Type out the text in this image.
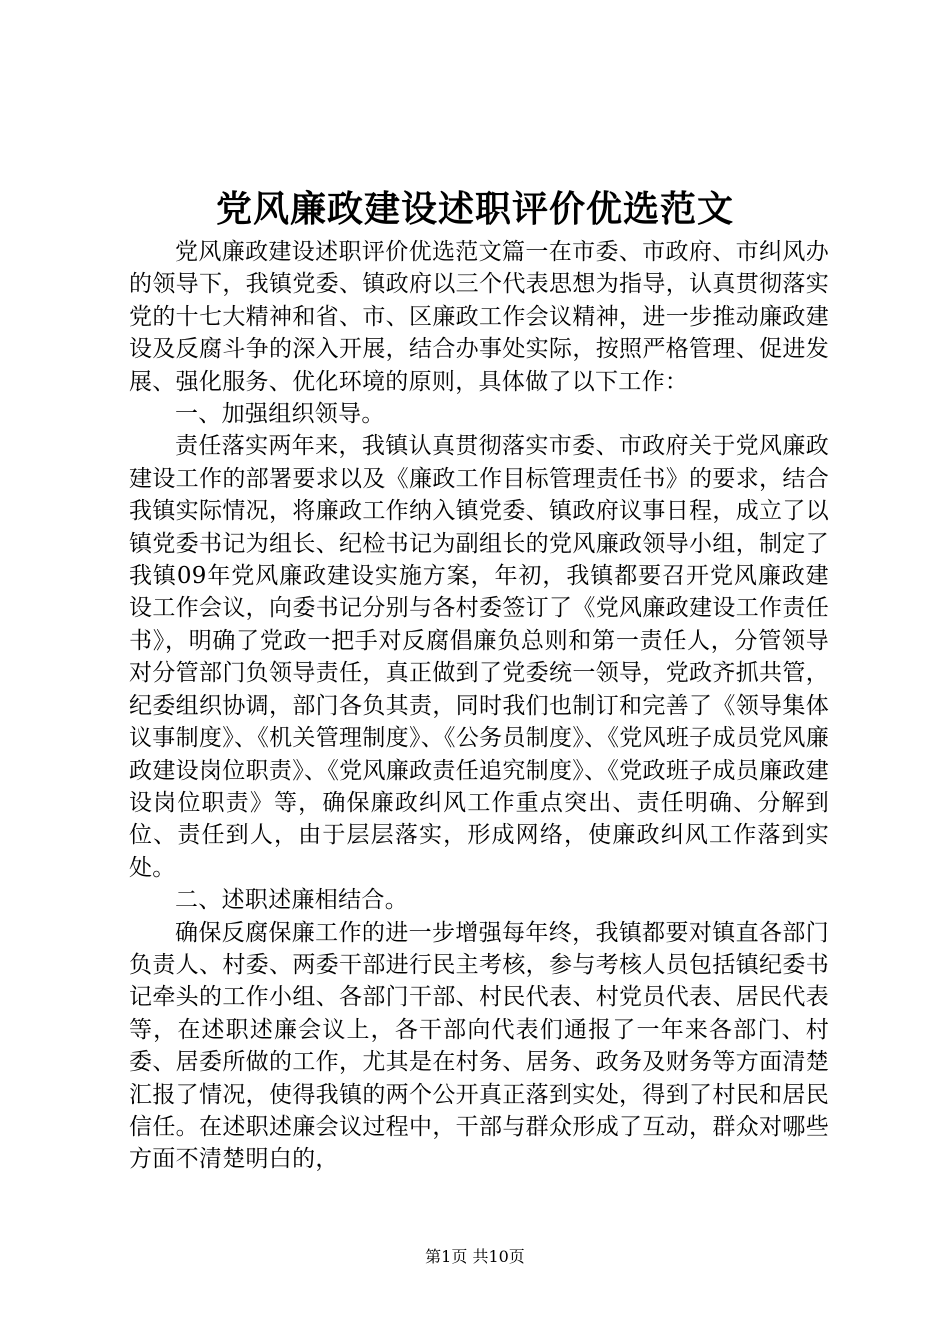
党风廉政建设述职评价优选范文

党风廉政建设述职评价优选范文篇一在市委、市政府、市纠风办的领导下，我镇党委、镇政府以三个代表思想为指导，认真贯彻落实党的十七大精神和省、市、区廉政工作会议精神，进一步推动廉政建设及反腐斗争的深入开展，结合办事处实际，按照严格管理、促进发展、强化服务、优化环境的原则，具体做了以下工作：

一、加强组织领导。

责任落实两年来，我镇认真贯彻落实市委、市政府关于党风廉政建设工作的部署要求以及《廉政工作目标管理责任书》的要求，结合我镇实际情况，将廉政工作纳入镇党委、镇政府议事日程，成立了以镇党委书记为组长、纪检书记为副组长的党风廉政领导小组，制定了我镇09年党风廉政建设实施方案，年初，我镇都要召开党风廉政建设工作会议，向委书记分别与各村委签订了《党风廉政建设工作责任书》，明确了党政一把手对反腐倡廉负总则和第一责任人，分管领导对分管部门负领导责任，真正做到了党委统一领导，党政齐抓共管，纪委组织协调，部门各负其责，同时我们也制订和完善了《领导集体议事制度》、《机关管理制度》、《公务员制度》、《党风班子成员党风廉政建设岗位职责》、《党风廉政责任追究制度》、《党政班子成员廉政建设岗位职责》等，确保廉政纠风工作重点突出、责任明确、分解到位、责任到人，由于层层落实，形成网络，使廉政纠风工作落到实处。

二、述职述廉相结合。

确保反腐保廉工作的进一步增强每年终，我镇都要对镇直各部门负责人、村委、两委干部进行民主考核，参与考核人员包括镇纪委书记牵头的工作小组、各部门干部、村民代表、村党员代表、居民代表等，在述职述廉会议上，各干部向代表们通报了一年来各部门、村委、居委所做的工作，尤其是在村务、居务、政务及财务等方面清楚汇报了情况，使得我镇的两个公开真正落到实处，得到了村民和居民信任。在述职述廉会议过程中，干部与群众形成了互动，群众对哪些方面不清楚明白的，

第1页 共10页
